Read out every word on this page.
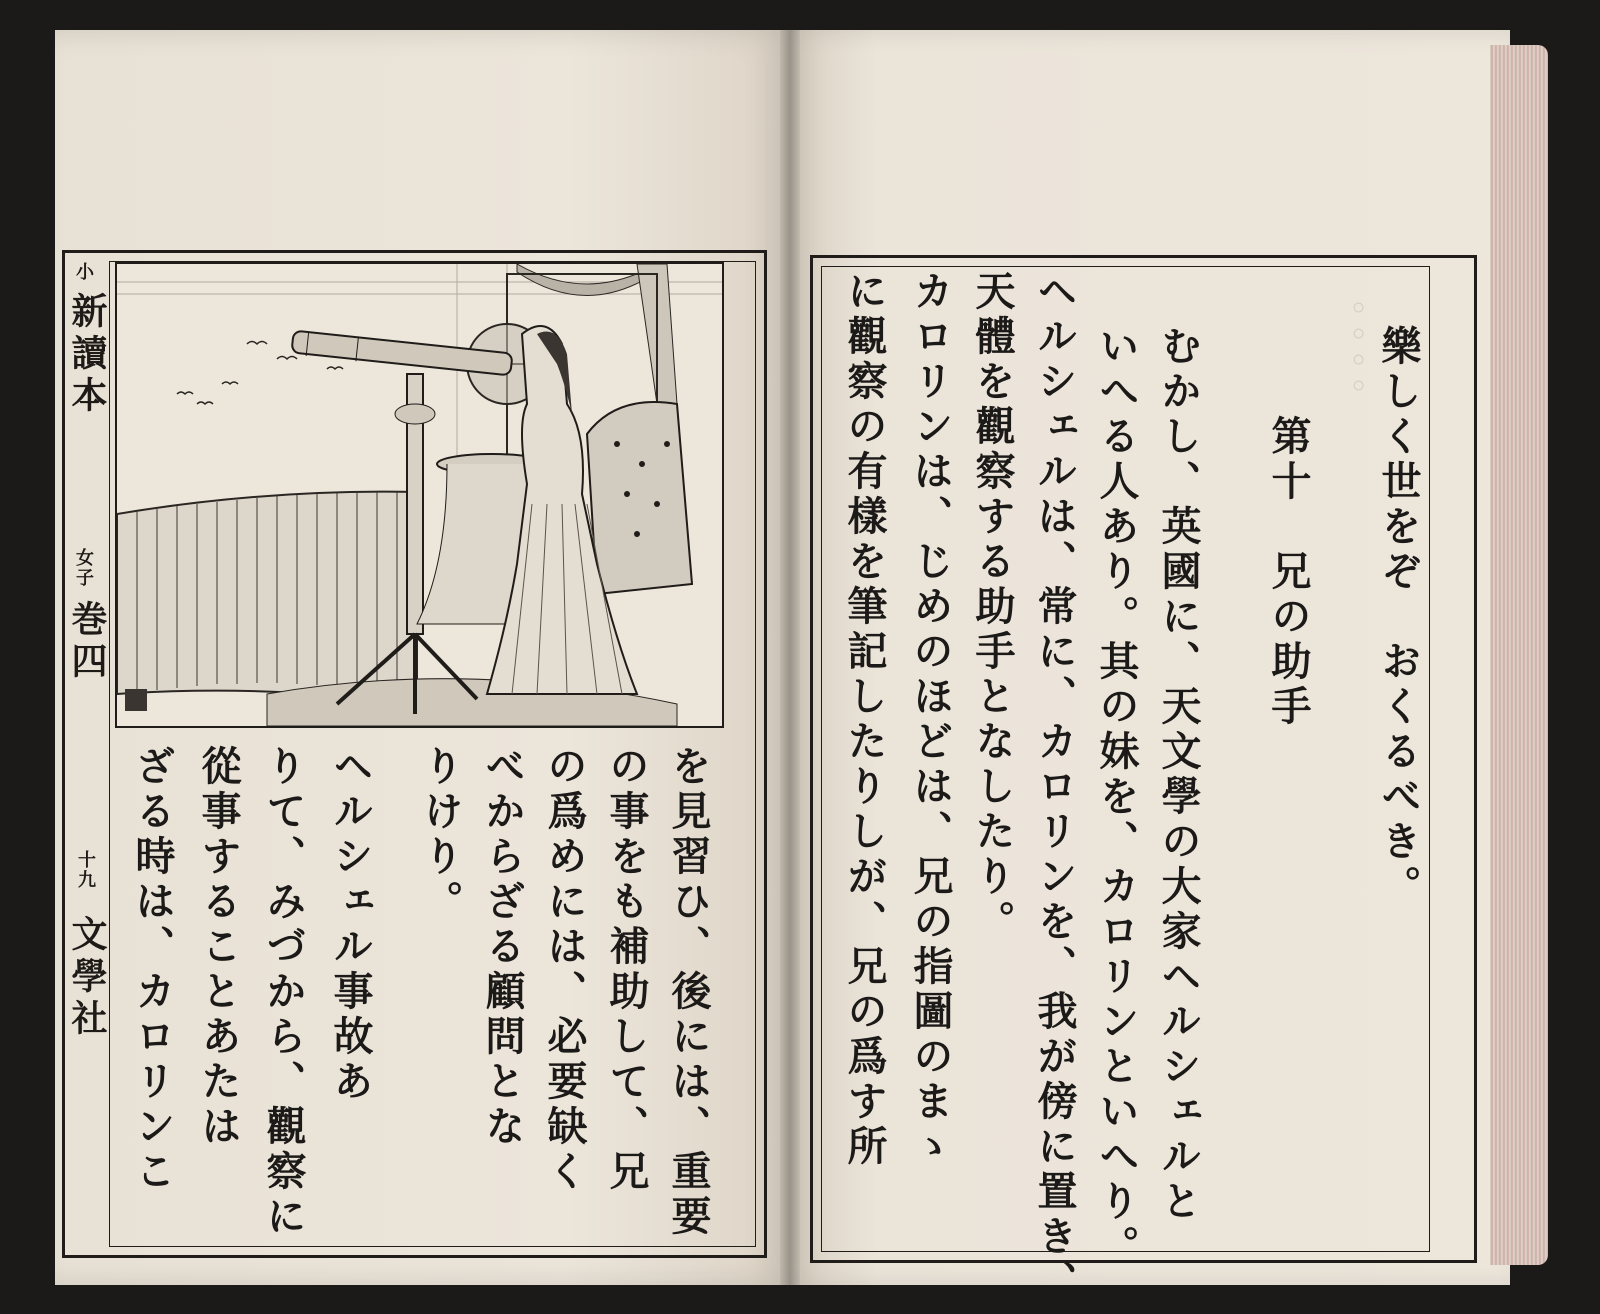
。。。。
小
新讀本
女子
巻四
十九
文學社	を見習ひ、後には、重要
の事をも補助して、兄
の爲めには、必要缺く
べからざる顧問とな
りけり。
ヘルシェル事故あ
りて、みづから、觀察に
從事することあたは
ざる時は、カロリンこ
樂しく世をぞ　おくるべき。
第十　兄の助手
むかし、英國に、天文學の大家ヘルシェルと
いへる人あり。其の妹を、カロリンといへり。
ヘルシェルは、常に、カロリンを、我が傍に置き、
天體を觀察する助手となしたり。
カロリンは、じめのほどは、兄の指圖のまゝ
に觀察の有樣を筆記したりしが、兄の爲す所
